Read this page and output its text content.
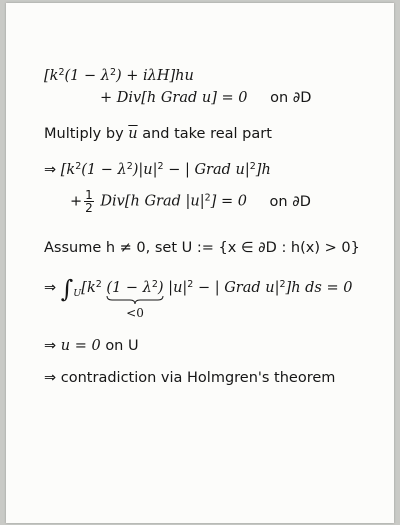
$[k^2(1 - \lambda^2) + i\lambda H]hu$
+ Div[h Grad u] = 0 on ∂D
Multiply by $\overline{u}$ and take real part
⇒ [$k^2(1 - \lambda^2)|u|^2$ − | Grad $u|^2]h$
+ $\frac{1}{2} Div[h$ Grad $|u|^2] = 0$ on ∂D
Assume h ≠ 0, set U := {x ∈ ∂D : h(x) > 0}
⇒ $\int_U[k^2$ $(1 - \lambda^2)$
<0
$|u|^2$ − | Grad $u|^2]h$ ds = 0
⇒ u = 0 on U
⇒ contradiction via Holmgren's theorem
